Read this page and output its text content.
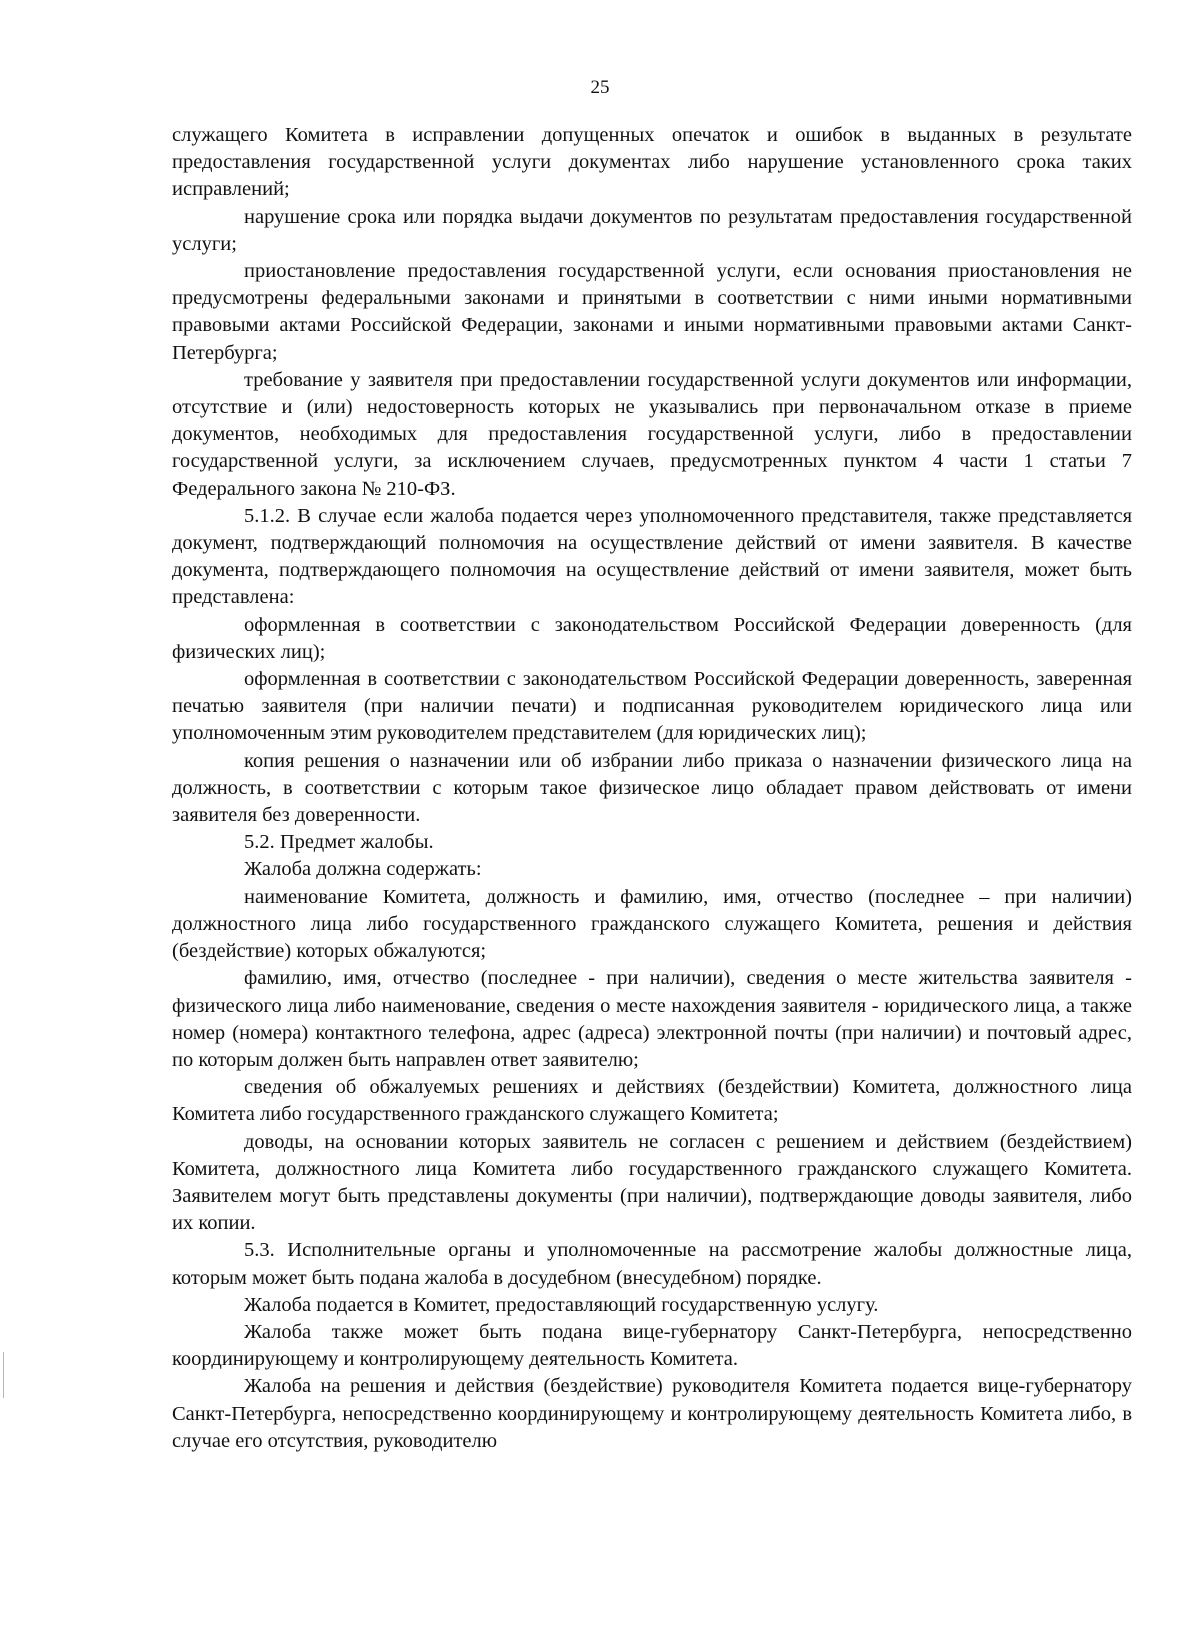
25

служащего Комитета в исправлении допущенных опечаток и ошибок в выданных в результате предоставления государственной услуги документах либо нарушение установленного срока таких исправлений;

нарушение срока или порядка выдачи документов по результатам предоставления государственной услуги;

приостановление предоставления государственной услуги, если основания приостановления не предусмотрены федеральными законами и принятыми в соответствии с ними иными нормативными правовыми актами Российской Федерации, законами и иными нормативными правовыми актами Санкт-Петербурга;

требование у заявителя при предоставлении государственной услуги документов или информации, отсутствие и (или) недостоверность которых не указывались при первоначальном отказе в приеме документов, необходимых для предоставления государственной услуги, либо в предоставлении государственной услуги, за исключением случаев, предусмотренных пунктом 4 части 1 статьи 7 Федерального закона № 210-ФЗ.

5.1.2. В случае если жалоба подается через уполномоченного представителя, также представляется документ, подтверждающий полномочия на осуществление действий от имени заявителя. В качестве документа, подтверждающего полномочия на осуществление действий от имени заявителя, может быть представлена:

оформленная в соответствии с законодательством Российской Федерации доверенность (для физических лиц);

оформленная в соответствии с законодательством Российской Федерации доверенность, заверенная печатью заявителя (при наличии печати) и подписанная руководителем юридического лица или уполномоченным этим руководителем представителем (для юридических лиц);

копия решения о назначении или об избрании либо приказа о назначении физического лица на должность, в соответствии с которым такое физическое лицо обладает правом действовать от имени заявителя без доверенности.

5.2. Предмет жалобы.

Жалоба должна содержать:

наименование Комитета, должность и фамилию, имя, отчество (последнее – при наличии) должностного лица либо государственного гражданского служащего Комитета, решения и действия (бездействие) которых обжалуются;

фамилию, имя, отчество (последнее - при наличии), сведения о месте жительства заявителя - физического лица либо наименование, сведения о месте нахождения заявителя - юридического лица, а также номер (номера) контактного телефона, адрес (адреса) электронной почты (при наличии) и почтовый адрес, по которым должен быть направлен ответ заявителю;

сведения об обжалуемых решениях и действиях (бездействии) Комитета, должностного лица Комитета либо государственного гражданского служащего Комитета;

доводы, на основании которых заявитель не согласен с решением и действием (бездействием) Комитета, должностного лица Комитета либо государственного гражданского служащего Комитета. Заявителем могут быть представлены документы (при наличии), подтверждающие доводы заявителя, либо их копии.

5.3. Исполнительные органы и уполномоченные на рассмотрение жалобы должностные лица, которым может быть подана жалоба в досудебном (внесудебном) порядке.

Жалоба подается в Комитет, предоставляющий государственную услугу.

Жалоба также может быть подана вице-губернатору Санкт-Петербурга, непосредственно координирующему и контролирующему деятельность Комитета.

Жалоба на решения и действия (бездействие) руководителя Комитета подается вице-губернатору Санкт-Петербурга, непосредственно координирующему и контролирующему деятельность Комитета либо, в случае его отсутствия, руководителю
